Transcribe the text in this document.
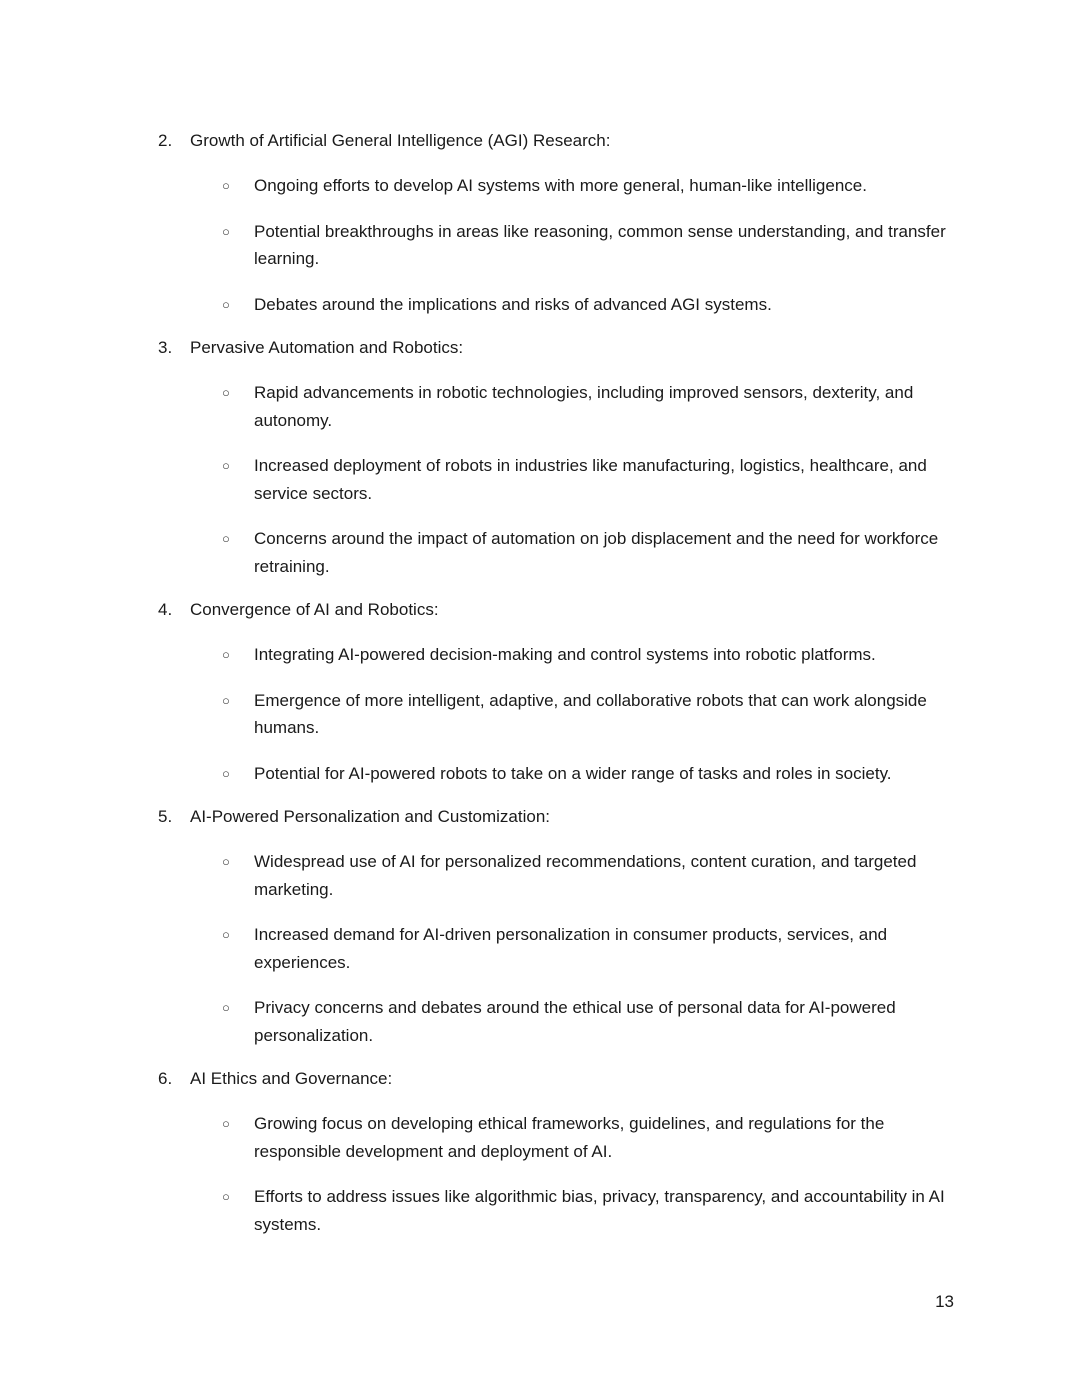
2.	Growth of Artificial General Intelligence (AGI) Research:
○	Ongoing efforts to develop AI systems with more general, human-like intelligence.
○	Potential breakthroughs in areas like reasoning, common sense understanding, and transfer learning.
○	Debates around the implications and risks of advanced AGI systems.
3.	Pervasive Automation and Robotics:
○	Rapid advancements in robotic technologies, including improved sensors, dexterity, and autonomy.
○	Increased deployment of robots in industries like manufacturing, logistics, healthcare, and service sectors.
○	Concerns around the impact of automation on job displacement and the need for workforce retraining.
4.	Convergence of AI and Robotics:
○	Integrating AI-powered decision-making and control systems into robotic platforms.
○	Emergence of more intelligent, adaptive, and collaborative robots that can work alongside humans.
○	Potential for AI-powered robots to take on a wider range of tasks and roles in society.
5.	AI-Powered Personalization and Customization:
○	Widespread use of AI for personalized recommendations, content curation, and targeted marketing.
○	Increased demand for AI-driven personalization in consumer products, services, and experiences.
○	Privacy concerns and debates around the ethical use of personal data for AI-powered personalization.
6.	AI Ethics and Governance:
○	Growing focus on developing ethical frameworks, guidelines, and regulations for the responsible development and deployment of AI.
○	Efforts to address issues like algorithmic bias, privacy, transparency, and accountability in AI systems.
13
